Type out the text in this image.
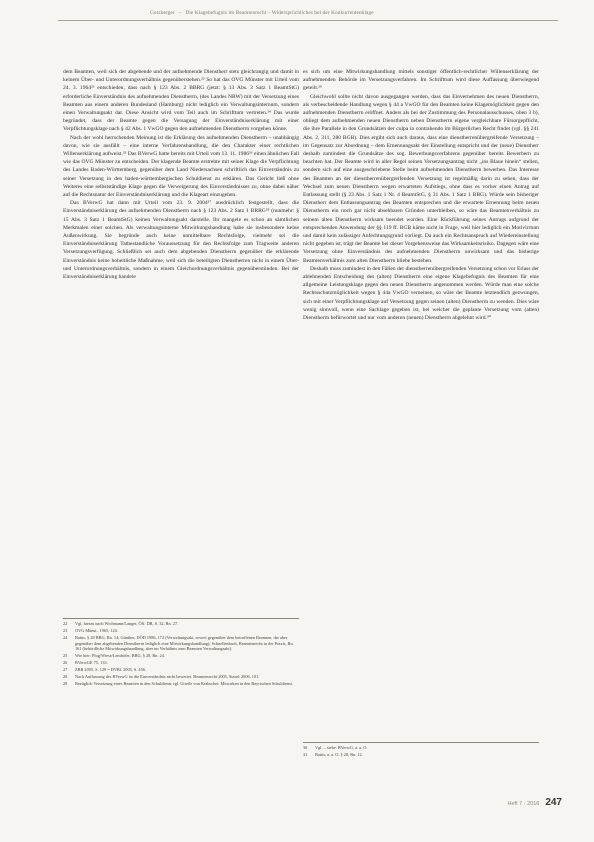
Gotzberger – Die Klagebefugnis im Beamtenrecht – Widersprüchliches bei der Konkurrentenklage

dem Beamten, weil sich der abgebende und der aufnehmende Dienstherr stets gleichrangig und damit in keinem Über- und Unterordnungsverhältnis gegenüberstehen.²² So hat das OVG Münster mit Urteil vom 24. 3. 1964²³ entschieden, dass nach § 123 Abs. 2 BBRG (jetzt: § 13 Abs. 3 Satz 1 BeamtStG) erforderliche Einverständnis des aufnehmenden Dienstherrn, (des Landes NRW) mit der Versetzung eines Beamten aus einem anderen Bundesland (Hamburg) nicht lediglich ein Verwaltungsinternum, sondern einen Verwaltungsakt dar. Diese Ansicht wird vom Teil auch im Schrifttum vertreten.²⁴ Das wurde begründet, dass der Beamte gegen die Versagung der Einverständniserklärung mit einer Verpflichtungsklage nach § 42 Abs. 1 VwGO gegen den aufnehmenden Dienstherrn vorgehen könne.

Nach der wohl herrschenden Meinung ist die Erklärung des aufnehmenden Dienstherrn – unabhängig davon, wie sie ausfällt – eine interne Verfahrenshandlung, die den Charakter einer rechtlichen Willenserklärung aufweist.²⁵ Das BVerwG hatte bereits mit Urteil vom 13. 11. 1986²⁶ einen ähnlichen Fall wie das OVG Münster zu entscheiden. Der klagende Beamte erstrebte mit seiner Klage die Verpflichtung des Landes Baden-Württemberg, gegenüber dem Land Niedersachsen schriftlich das Einverständnis zu seiner Versetzung in den baden-württembergischen Schuldienst zu erklären. Das Gericht ließ ohne Weiteres eine selbstständige Klage gegen die Verweigerung des Einverständnisses zu, ohne dabei näher auf die Rechtsnatur der Einverständniserklärung und die Klageart einzugehen.

Das BVerwG hat dann mit Urteil vom 23. 9. 2004²⁷ ausdrücklich festgestellt, dass die Einverständniserklärung des aufnehmenden Dienstherrn nach § 123 Abs. 2 Satz 1 BRRG²⁸ (nunmehr: § 15 Abs. 3 Satz 1 BeamtStG) keinen Verwaltungsakt darstelle. Ihr mangele es schon an sämtlichen Merkmalen einer solchen. Als verwaltungsinterne Mitwirkungshandlung habe sie insbesondere keine Außenwirkung. Sie begründe auch keine unmittelbare Rechtsfolge, vielmehr sei die Einverständniserklärung Tatbestandliche Voraussetzung für den Rechtsfolge zum Tragweite anderen Versetzungsverfügung. Schließlich sei auch dem abgebenden Dienstherrn gegenüber die erklärende Einverständnis keine hoheitliche Maßnahme, weil sich die beteiligten Dienstherren nicht in einem Über- und Unterordnungsverhältnis, sondern in einem Gleichordnungsverhältnis gegenüberstünden. Bei der Einverständniserklärung handele

es sich um eine Mitwirkungshandlung mittels sonstiger öffentlich-rechtlicher Willenserklärung der aufnehmenden Behörde im Versetzungsverfahren. Im Schrifttum wird diese Auffassung überwiegend geteilt.²⁹

Gleichwohl sollte nicht davon ausgegangen werden, dass das Einvernehmen des neuen Dienstherrn, als verbescheidende Handlung wegen § 44 a VwGO für den Beamten keine Klagemöglichkeit gegen den aufnehmenden Dienstherrn eröffnet. Anders als bei der Zustimmung des Personalausschusses, oben 3 b), obliegt dem aufnehmenden neuen Dienstherrn neben Dienstherrn eigene vergleichbare Fürsorgepflicht, die ihre Parallele in den Grundsätzen der culpa in contrahendo im Bürgerlichen Recht findet (vgl. §§ 241 Abs. 2, 311, 280 BGB). Dies ergibt sich auch daraus, dass eine dienstherrenübergreifende Versetzung – im Gegensatz zur Abordnung – dem Ernennungsakt der Einstellung entspricht und der (neue) Dienstherr deshalb zumindest die Grundsätze des sog. Bewerbungsverfahrens gegenüber bereits Bewerbern zu beachten hat. Der Beamte wird in aller Regel seinen Versetzungsantrag nicht „ins Blaue hinein“ stellen, sondern sich auf eine ausgeschriebene Stelle beim aufnehmenden Dienstherrn bewerben. Das Interesse des Beamten an der dienstherrenübergreifenden Versetzung ist regelmäßig darin zu sehen, dass der Wechsel zum neuen Dienstherrn wegen erwarteten Aufstiegs, ohne dass es vorher einen Antrag auf Entlassung stellt (§ 23 Abs. 1 Satz 1 Nr. 4 BeamtStG, § 31 Abs. 1 Satz 1 BBG). Würde sein bisheriger Dienstherr dem Entlassungsantrag des Beamten entsprechen und die erwartete Ernennung beim neuen Dienstherrn ein noch gar nicht absehbaren Gründen unterbleiben, so wäre das Beamtenverhältnis zu seinem alten Dienstherrn wirksam beendet worden. Eine Rückführung seines Antrags aufgrund der entsprechenden Anwendung der §§ 119 ff. BGB käme nicht in Frage, weil hier lediglich ein Motivirrtum und damit kein zulässiger Anfechtungsgrund vorliegt. Da auch ein Rechtsanspruch auf Wiedereinstellung nicht gegeben ist, trägt der Beamte bei dieser Vorgehensweise das Wirksamkeitsrisiko. Dagegen wäre eine Versetzung ohne Einverständnis des aufnehmenden Dienstherrn unwirksam und das bisherige Beamtenverhältnis zum alten Dienstherrn bliebe bestehen.

Deshalb muss zumindest in den Fällen der dienstherrenübergreifenden Versetzung schon vor Erlass der ablehnenden Entscheidung des (alten) Dienstherrn eine eigene Klagebefugnis des Beamten für eine allgemeine Leistungsklage gegen den neuen Dienstherrn angenommen werden. Würde man eine solche Rechtsschutzmöglichkeit wegen § 44a VwGO verneinen, so wäre der Beamte letztendlich gezwungen, sich mit einer Verpflichtungsklage auf Versetzung gegen seinen (alten) Dienstherrn zu wenden. Dies wäre wenig sinnvoll, wenn eine Sachlage gegeben ist, bei welcher die geplante Versetzung vom (alten) Dienstherrn befürwortet und nur vom anderen (neuen) Dienstherrn abgelehnt wird.³⁰

22	Vgl. hierzu nach Wichmann/Langer, Öff. DR, S. 32, Rn. 27.
23	OVG Münst., 1965, 124.
24	Battis, § 28 BBG, Rn. 14; Günther, DÖD 1986, 172 (Verwaltungsakt, soweit gegenüber dem betroffenen Beamten, der aber gegenüber dem abgebenden Dienstherrn lediglich eine Mitwirkungshandlung); Schnellenbach, Beamtenrecht in der Praxis, Rn. 161 (behördliche Mitwirkungshandlung, aber im Verhältnis zum Beamten Verwaltungsakt).
25	Wie hier: Plog/Wiese/Lemhöfer, BBG, § 28, Rn. 24.
26	BVerwGE 75, 133.
27	ZBR 2005, S. 129 = DVBl. 2005, S. 456.
28	Nach Auffassung des BVerwG ist die Einverständnis nicht bewertet. Beamtenrecht 2005, Stand: 2006, 101.
29	Bezüglich Versetzung eines Beamten in den Schuldienst vgl. Urteile von Krabschei: Mitwirken in den Bayrischen Schuldienst.
30	Vgl. – siehe: BVerwG, a. a. O.
31	Battis, a. a. O. § 28, Rn. 12.
Heft 7 · 2016 247
